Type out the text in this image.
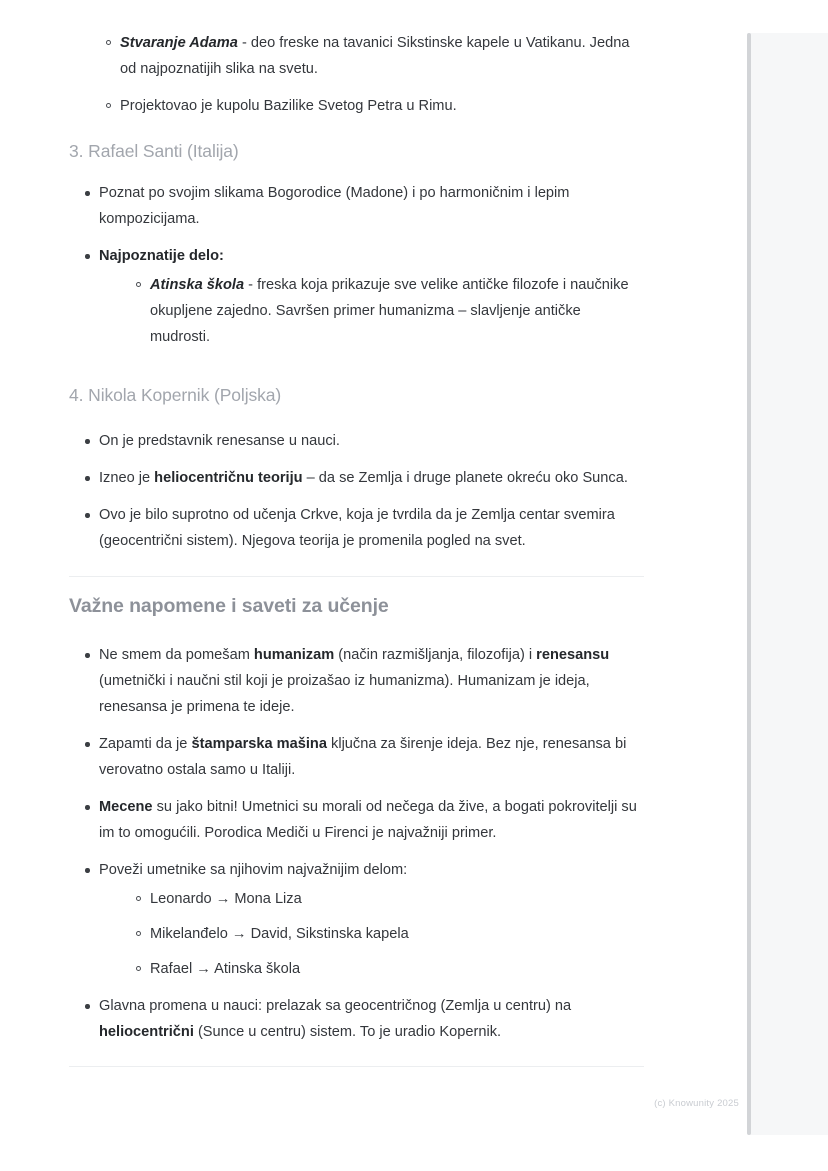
Stvaranje Adama - deo freske na tavanici Sikstinske kapele u Vatikanu. Jedna od najpoznatijih slika na svetu.
Projektovao je kupolu Bazilike Svetog Petra u Rimu.
3. Rafael Santi (Italija)
Poznat po svojim slikama Bogorodice (Madone) i po harmoničnim i lepim kompozicijama.
Najpoznatije delo:
Atinska škola - freska koja prikazuje sve velike antičke filozofe i naučnike okupljene zajedno. Savršen primer humanizma – slavljenje antičke mudrosti.
4. Nikola Kopernik (Poljska)
On je predstavnik renesanse u nauci.
Izneo je heliocentričnu teoriju – da se Zemlja i druge planete okreću oko Sunca.
Ovo je bilo suprotno od učenja Crkve, koja je tvrdila da je Zemlja centar svemira (geocentrični sistem). Njegova teorija je promenila pogled na svet.
Važne napomene i saveti za učenje
Ne smem da pomešam humanizam (način razmišljanja, filozofija) i renesansu (umetnički i naučni stil koji je proizašao iz humanizma). Humanizam je ideja, renesansa je primena te ideje.
Zapamti da je štamparska mašina ključna za širenje ideja. Bez nje, renesansa bi verovatno ostala samo u Italiji.
Mecene su jako bitni! Umetnici su morali od nečega da žive, a bogati pokrovitelji su im to omogućili. Porodica Mediči u Firenci je najvažniji primer.
Poveži umetnike sa njihovim najvažnijim delom:
Leonardo → Mona Liza
Mikelanđelo → David, Sikstinska kapela
Rafael → Atinska škola
Glavna promena u nauci: prelazak sa geocentričnog (Zemlja u centru) na heliocentrični (Sunce u centru) sistem. To je uradio Kopernik.
(c) Knowunity 2025
